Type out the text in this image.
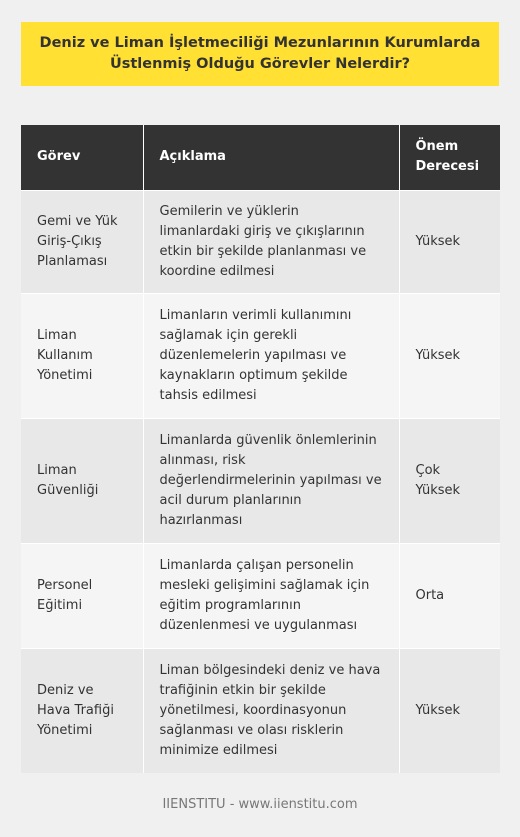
Deniz ve Liman İşletmeciliği Mezunlarının Kurumlarda Üstlenmiş Olduğu Görevler Nelerdir?
Görev	Açıklama	Önem Derecesi
Gemi ve Yük Giriş-Çıkış Planlaması	Gemilerin ve yüklerin limanlardaki giriş ve çıkışlarının etkin bir şekilde planlanması ve koordine edilmesi	Yüksek
Liman Kullanım Yönetimi	Limanların verimli kullanımını sağlamak için gerekli düzenlemelerin yapılması ve kaynakların optimum şekilde tahsis edilmesi	Yüksek
Liman Güvenliği	Limanlarda güvenlik önlemlerinin alınması, risk değerlendirmelerinin yapılması ve acil durum planlarının hazırlanması	Çok Yüksek
Personel Eğitimi	Limanlarda çalışan personelin mesleki gelişimini sağlamak için eğitim programlarının düzenlenmesi ve uygulanması	Orta
Deniz ve Hava Trafiği Yönetimi	Liman bölgesindeki deniz ve hava trafiğinin etkin bir şekilde yönetilmesi, koordinasyonun sağlanması ve olası risklerin minimize edilmesi	Yüksek
IIENSTITU - www.iienstitu.com
